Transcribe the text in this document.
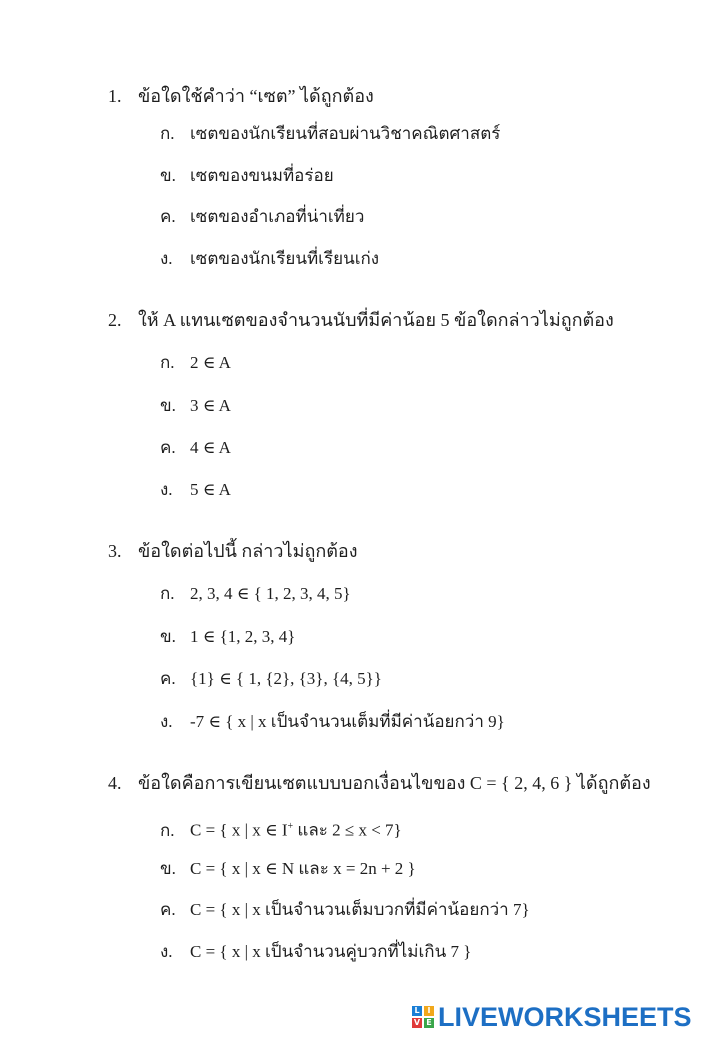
1. ข้อใดใช้คำว่า “เซต” ได้ถูกต้อง
ก. เซตของนักเรียนที่สอบผ่านวิชาคณิตศาสตร์
ข. เซตของขนมที่อร่อย
ค. เซตของอำเภอที่น่าเที่ยว
ง. เซตของนักเรียนที่เรียนเก่ง
2. ให้ A แทนเซตของจำนวนนับที่มีค่าน้อย 5 ข้อใดกล่าวไม่ถูกต้อง
ก. 2 ∈ A
ข. 3 ∈ A
ค. 4 ∈ A
ง. 5 ∈ A
3. ข้อใดต่อไปนี้ กล่าวไม่ถูกต้อง
ก. 2, 3, 4 ∈ { 1, 2, 3, 4, 5}
ข. 1 ∈ {1, 2, 3, 4}
ค. {1} ∈ { 1, {2}, {3}, {4, 5}}
ง. -7 ∈ { x | x เป็นจำนวนเต็มที่มีค่าน้อยกว่า 9}
4. ข้อใดคือการเขียนเซตแบบบอกเงื่อนไขของ C = { 2, 4, 6 } ได้ถูกต้อง
ก. C = { x | x ∈ I+ และ 2 ≤ x < 7}
ข. C = { x | x ∈ N และ x = 2n + 2 }
ค. C = { x | x เป็นจำนวนเต็มบวกที่มีค่าน้อยกว่า 7}
ง. C = { x | x เป็นจำนวนคู่บวกที่ไม่เกิน 7 }
L I
V E LIVEWORKSHEETS
